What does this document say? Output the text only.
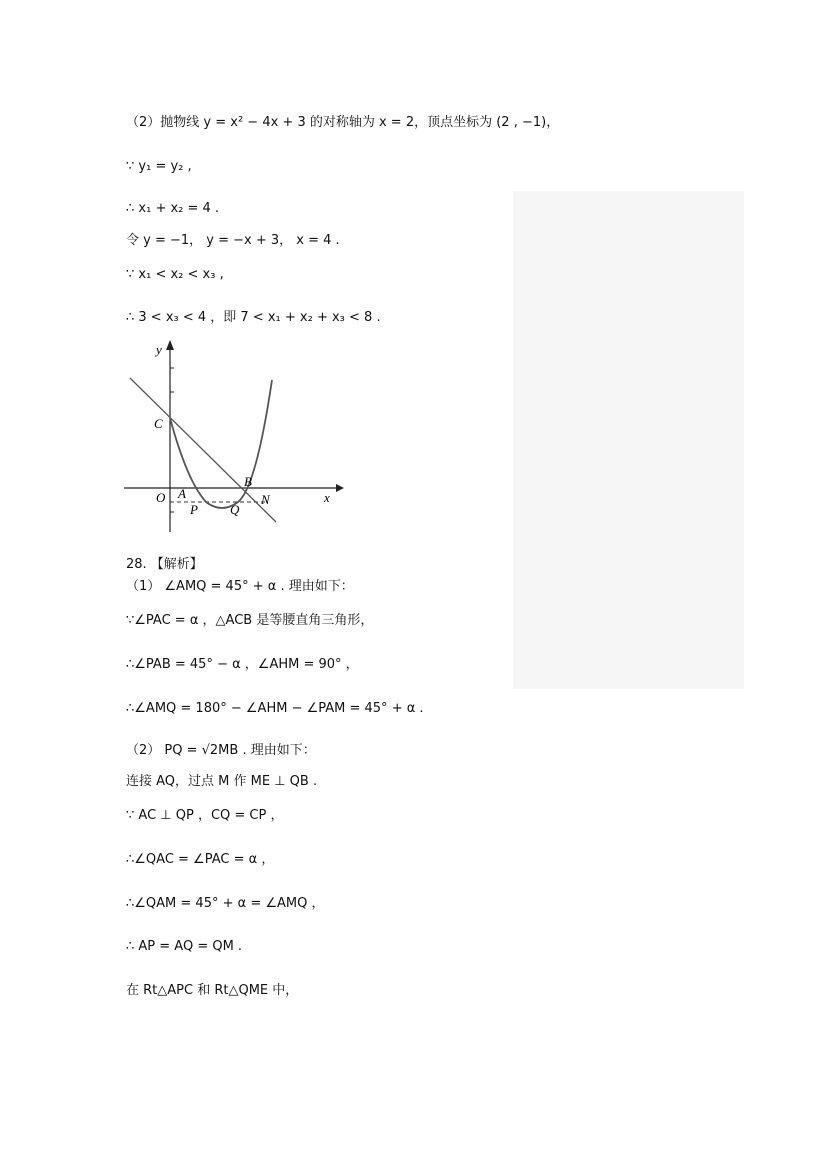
（2）抛物线 y = x² − 4x + 3 的对称轴为 x = 2，顶点坐标为 (2 , −1)，
∵ y₁ = y₂ ,
∴ x₁ + x₂ = 4 .
令 y = −1， y = −x + 3， x = 4 .
∵ x₁ < x₂ < x₃ ,
∴ 3 < x₃ < 4 ，即 7 < x₁ + x₂ + x₃ < 8 .
y
x
C
O A
B
N
P Q
28. 【解析】
（1） ∠AMQ = 45° + α . 理由如下：
∵∠PAC = α ，△ACB 是等腰直角三角形，
∴∠PAB = 45° − α ，∠AHM = 90° ，
∴∠AMQ = 180° − ∠AHM − ∠PAM = 45° + α .
（2） PQ = √2MB . 理由如下：
连接 AQ，过点 M 作 ME ⊥ QB .
∵ AC ⊥ QP ，CQ = CP ，
∴∠QAC = ∠PAC = α ，
∴∠QAM = 45° + α = ∠AMQ ，
∴ AP = AQ = QM .
在 Rt△APC 和 Rt△QME 中，
